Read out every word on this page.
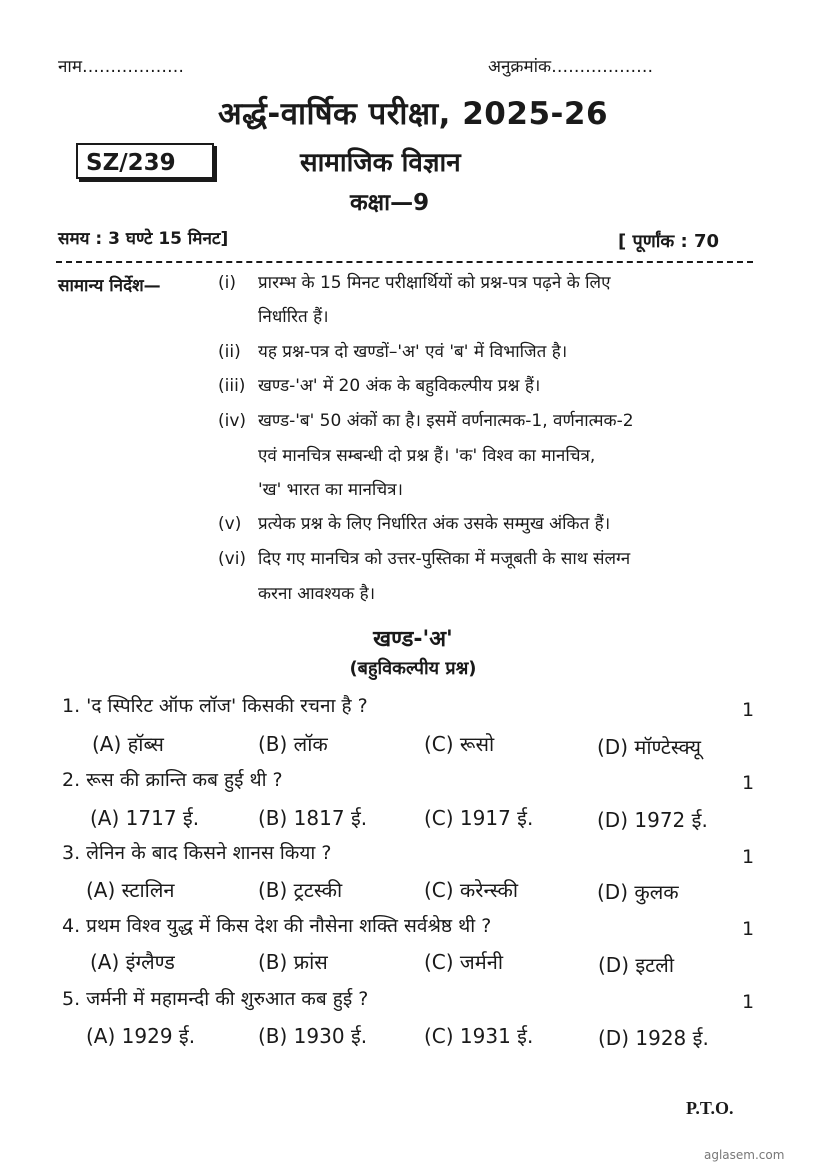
नाम………………	अनुक्रमांक………………
अर्द्ध-वार्षिक परीक्षा, 2025-26
SZ/239	सामाजिक विज्ञान
कक्षा—9
समय : 3 घण्टे 15 मिनट]	[ पूर्णांक : 70
सामान्य निर्देश—	(i) प्रारम्भ के 15 मिनट परीक्षार्थियों को प्रश्न-पत्र पढ़ने के लिए
निर्धारित हैं।
(ii) यह प्रश्न-पत्र दो खण्डों–'अ' एवं 'ब' में विभाजित है।
(iii) खण्ड-'अ' में 20 अंक के बहुविकल्पीय प्रश्न हैं।
(iv) खण्ड-'ब' 50 अंकों का है। इसमें वर्णनात्मक-1, वर्णनात्मक-2
एवं मानचित्र सम्बन्धी दो प्रश्न हैं। 'क' विश्व का मानचित्र,
'ख' भारत का मानचित्र।
(v) प्रत्येक प्रश्न के लिए निर्धारित अंक उसके सम्मुख अंकित हैं।
(vi) दिए गए मानचित्र को उत्तर-पुस्तिका में मजूबती के साथ संलग्न
करना आवश्यक है।
खण्ड-'अ'
(बहुविकल्पीय प्रश्न)
1. 'द स्पिरिट ऑफ लॉज' किसकी रचना है ?	1
(A) हॉब्स	(B) लॉक	(C) रूसो	(D) मॉण्टेस्क्यू
2. रूस की क्रान्ति कब हुई थी ?	1
(A) 1717 ई.	(B) 1817 ई.	(C) 1917 ई.	(D) 1972 ई.
3. लेनिन के बाद किसने शानस किया ?	1
(A) स्टालिन	(B) ट्रटस्की	(C) करेन्स्की	(D) कुलक
4. प्रथम विश्व युद्ध में किस देश की नौसेना शक्ति सर्वश्रेष्ठ थी ?	1
(A) इंग्लैण्ड	(B) फ्रांस	(C) जर्मनी	(D) इटली
5. जर्मनी में महामन्दी की शुरुआत कब हुई ?	1
(A) 1929 ई.	(B) 1930 ई.	(C) 1931 ई.	(D) 1928 ई.
P.T.O.
aglasem.com
